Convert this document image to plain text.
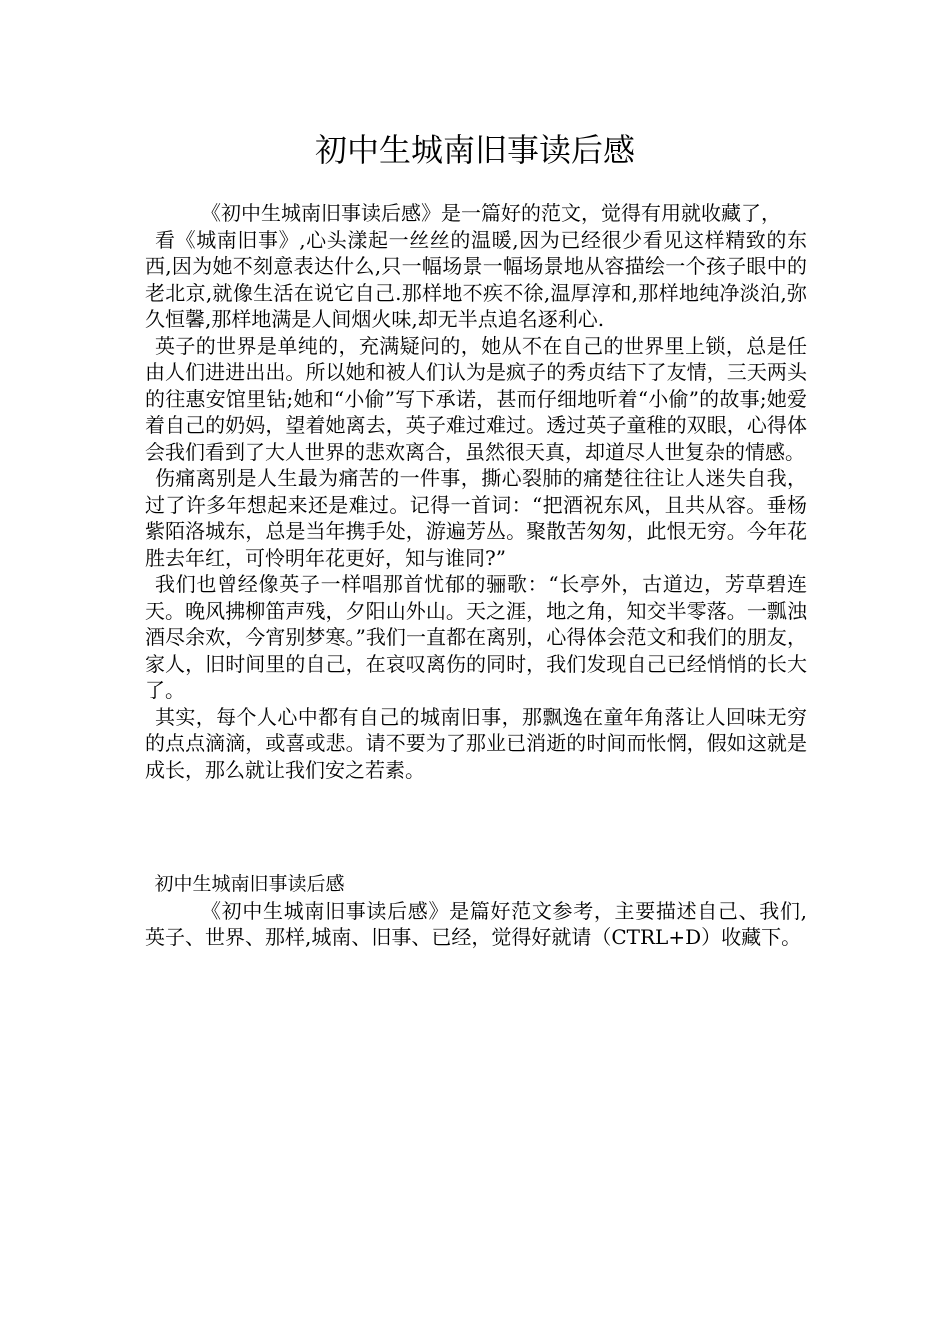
初中生城南旧事读后感

《初中生城南旧事读后感》是一篇好的范文，觉得有用就收藏了，

看《城南旧事》,心头漾起一丝丝的温暖,因为已经很少看见这样精致的东西,因为她不刻意表达什么,只一幅场景一幅场景地从容描绘一个孩子眼中的老北京,就像生活在说它自己.那样地不疾不徐,温厚淳和,那样地纯净淡泊,弥久恒馨,那样地满是人间烟火味,却无半点追名逐利心.

英子的世界是单纯的，充满疑问的，她从不在自己的世界里上锁，总是任由人们进进出出。所以她和被人们认为是疯子的秀贞结下了友情，三天两头的往惠安馆里钻;她和“小偷”写下承诺，甚而仔细地听着“小偷”的故事;她爱着自己的奶妈，望着她离去，英子难过难过。透过英子童稚的双眼，心得体会我们看到了大人世界的悲欢离合，虽然很天真，却道尽人世复杂的情感。

伤痛离别是人生最为痛苦的一件事，撕心裂肺的痛楚往往让人迷失自我，过了许多年想起来还是难过。记得一首词：“把酒祝东风，且共从容。垂杨紫陌洛城东，总是当年携手处，游遍芳丛。聚散苦匆匆，此恨无穷。今年花胜去年红，可怜明年花更好，知与谁同?”

我们也曾经像英子一样唱那首忧郁的骊歌：“长亭外，古道边，芳草碧连天。晚风拂柳笛声残，夕阳山外山。天之涯，地之角，知交半零落。一瓢浊酒尽余欢，今宵别梦寒。”我们一直都在离别，心得体会范文和我们的朋友，家人，旧时间里的自己，在哀叹离伤的同时，我们发现自己已经悄悄的长大了。

其实，每个人心中都有自己的城南旧事，那飘逸在童年角落让人回味无穷的点点滴滴，或喜或悲。请不要为了那业已消逝的时间而怅惘，假如这就是成长，那么就让我们安之若素。

初中生城南旧事读后感

《初中生城南旧事读后感》是篇好范文参考，主要描述自己、我们,英子、世界、那样,城南、旧事、已经，觉得好就请（CTRL+D）收藏下。
